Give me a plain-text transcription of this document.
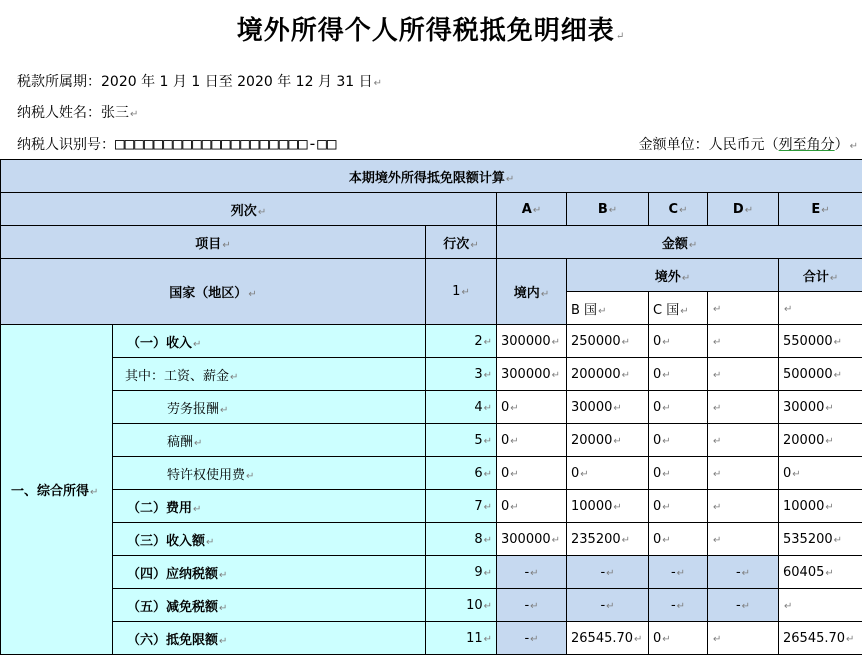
境外所得个人所得税抵免明细表↵
税款所属期：2020 年 1 月 1 日至 2020 年 12 月 31 日↵
纳税人姓名：张三↵
纳税人识别号：□□□□□□□□□□□□□□□□□□□□-□□	金额单位：人民币元（列至角分）↵
本期境外所得抵免限额计算↵							
列次↵			A↵	B↵	C↵	D↵	E↵
项目↵		行次↵	金额↵				
国家（地区）↵		1↵	境内↵	境外↵			合计↵
				B 国↵	C 国↵	↵	↵
一、综合所得↵	（一）收入↵	2↵	300000↵	250000↵	0↵	↵	550000↵
	其中：工资、薪金↵	3↵	300000↵	200000↵	0↵	↵	500000↵
	劳务报酬↵	4↵	0↵	30000↵	0↵	↵	30000↵
	稿酬↵	5↵	0↵	20000↵	0↵	↵	20000↵
	特许权使用费↵	6↵	0↵	0↵	0↵	↵	0↵
	（二）费用↵	7↵	0↵	10000↵	0↵	↵	10000↵
	（三）收入额↵	8↵	300000↵	235200↵	0↵	↵	535200↵
	（四）应纳税额↵	9↵	-↵	-↵	-↵	-↵	60405↵
	（五）减免税额↵	10↵	-↵	-↵	-↵	-↵	↵
	（六）抵免限额↵	11↵	-↵	26545.70↵	0↵	↵	26545.70↵
